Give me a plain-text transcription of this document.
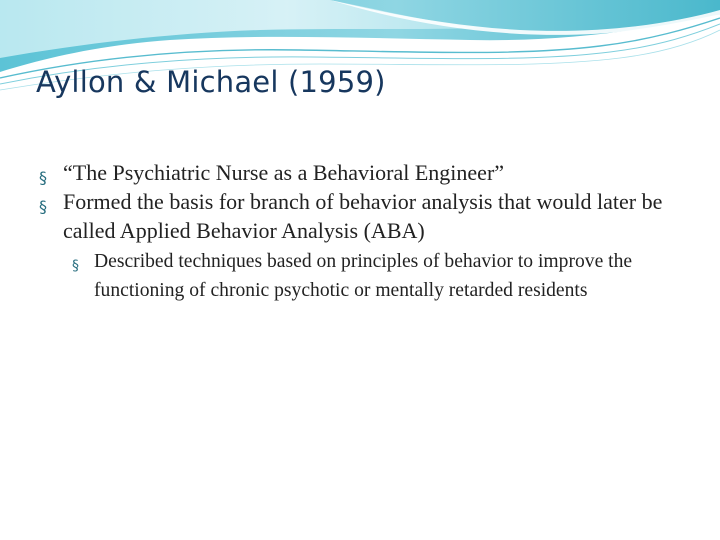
Ayllon & Michael (1959)
§ “The Psychiatric Nurse as a Behavioral Engineer”
§ Formed the basis for branch of behavior analysis that would later be called Applied Behavior Analysis (ABA)
§ Described techniques based on principles of behavior to improve the functioning of chronic psychotic or mentally retarded residents
